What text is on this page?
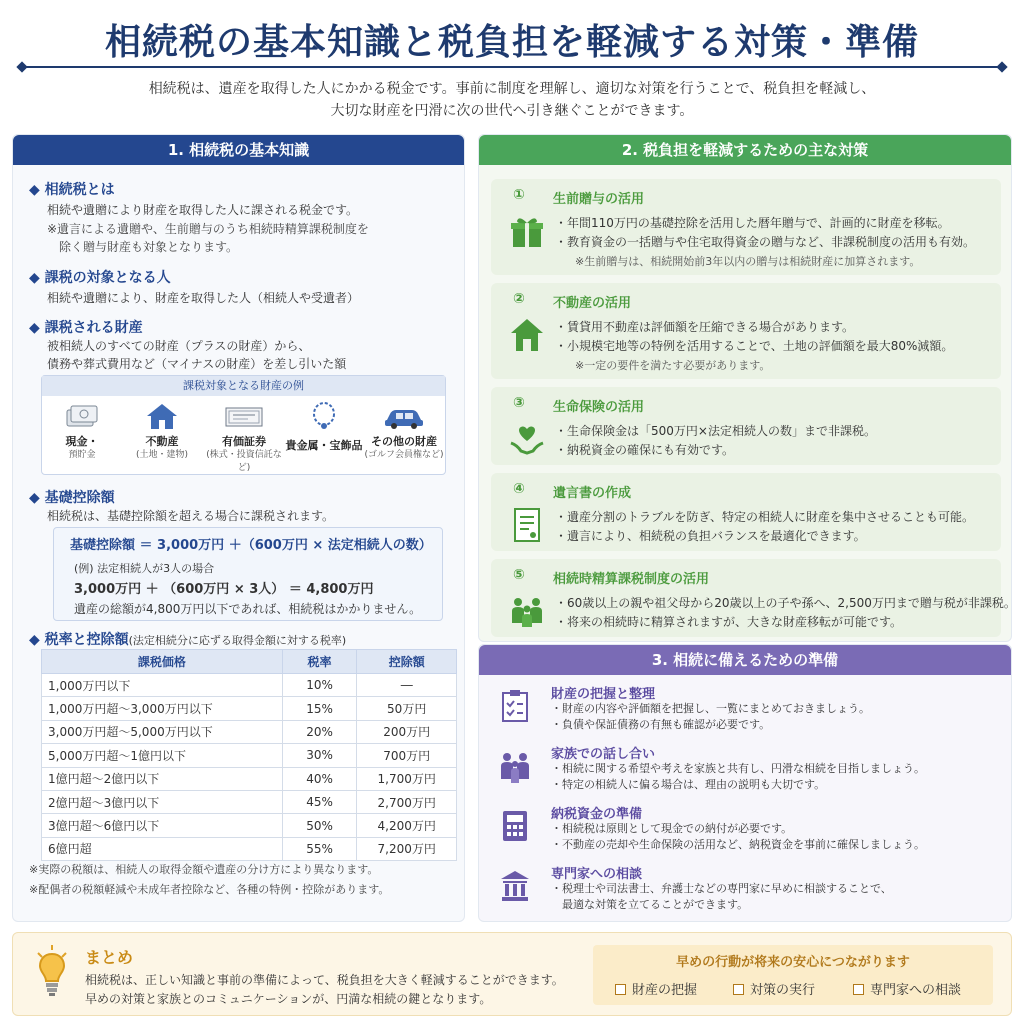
相続税の基本知識と税負担を軽減する対策・準備
相続税は、遺産を取得した人にかかる税金です。事前に制度を理解し、適切な対策を行うことで、税負担を軽減し、
大切な財産を円滑に次の世代へ引き継ぐことができます。
1. 相続税の基本知識
◆ 相続税とは
相続や遺贈により財産を取得した人に課される税金です。
※遺言による遺贈や、生前贈与のうち相続時精算課税制度を
除く贈与財産も対象となります。
◆ 課税の対象となる人
相続や遺贈により、財産を取得した人（相続人や受遺者）
◆ 課税される財産
被相続人のすべての財産（プラスの財産）から、
債務や葬式費用など（マイナスの財産）を差し引いた額
課税対象となる財産の例
現金・
預貯金
不動産
(土地・建物)
有価証券
(株式・投資信託など)
貴金属・宝飾品 その他の財産
(ゴルフ会員権など)
◆ 基礎控除額
相続税は、基礎控除額を超える場合に課税されます。
基礎控除額 ＝ 3,000万円 ＋（600万円 × 法定相続人の数）
(例) 法定相続人が3人の場合
3,000万円 ＋ （600万円 × 3人） ＝ 4,800万円
遺産の総額が4,800万円以下であれば、相続税はかかりません。
◆ 税率と控除額(法定相続分に応ずる取得金額に対する税率)
課税価格	税率	控除額
1,000万円以下	10%	―
1,000万円超～3,000万円以下	15%	50万円
3,000万円超～5,000万円以下	20%	200万円
5,000万円超～1億円以下	30%	700万円
1億円超～2億円以下	40%	1,700万円
2億円超～3億円以下	45%	2,700万円
3億円超～6億円以下	50%	4,200万円
6億円超	55%	7,200万円
※実際の税額は、相続人の取得金額や遺産の分け方により異なります。
※配偶者の税額軽減や未成年者控除など、各種の特例・控除があります。
2. 税負担を軽減するための主な対策
① 生前贈与の活用
・年間110万円の基礎控除を活用した暦年贈与で、計画的に財産を移転。
・教育資金の一括贈与や住宅取得資金の贈与など、非課税制度の活用も有効。
※生前贈与は、相続開始前3年以内の贈与は相続財産に加算されます。
② 不動産の活用
・賃貸用不動産は評価額を圧縮できる場合があります。
・小規模宅地等の特例を活用することで、土地の評価額を最大80%減額。
※一定の要件を満たす必要があります。
③ 生命保険の活用
・生命保険金は「500万円×法定相続人の数」まで非課税。
・納税資金の確保にも有効です。
④ 遺言書の作成
・遺産分割のトラブルを防ぎ、特定の相続人に財産を集中させることも可能。
・遺言により、相続税の負担バランスを最適化できます。
⑤ 相続時精算課税制度の活用
・60歳以上の親や祖父母から20歳以上の子や孫へ、2,500万円まで贈与税が非課税。
・将来の相続時に精算されますが、大きな財産移転が可能です。
3. 相続に備えるための準備
財産の把握と整理
・財産の内容や評価額を把握し、一覧にまとめておきましょう。
・負債や保証債務の有無も確認が必要です。
家族での話し合い
・相続に関する希望や考えを家族と共有し、円滑な相続を目指しましょう。
・特定の相続人に偏る場合は、理由の説明も大切です。
納税資金の準備
・相続税は原則として現金での納付が必要です。
・不動産の売却や生命保険の活用など、納税資金を事前に確保しましょう。
専門家への相談
・税理士や司法書士、弁護士などの専門家に早めに相談することで、
　最適な対策を立てることができます。
まとめ
相続税は、正しい知識と事前の準備によって、税負担を大きく軽減することができます。
早めの対策と家族とのコミュニケーションが、円満な相続の鍵となります。
早めの行動が将来の安心につながります
財産の把握	対策の実行	専門家への相談
